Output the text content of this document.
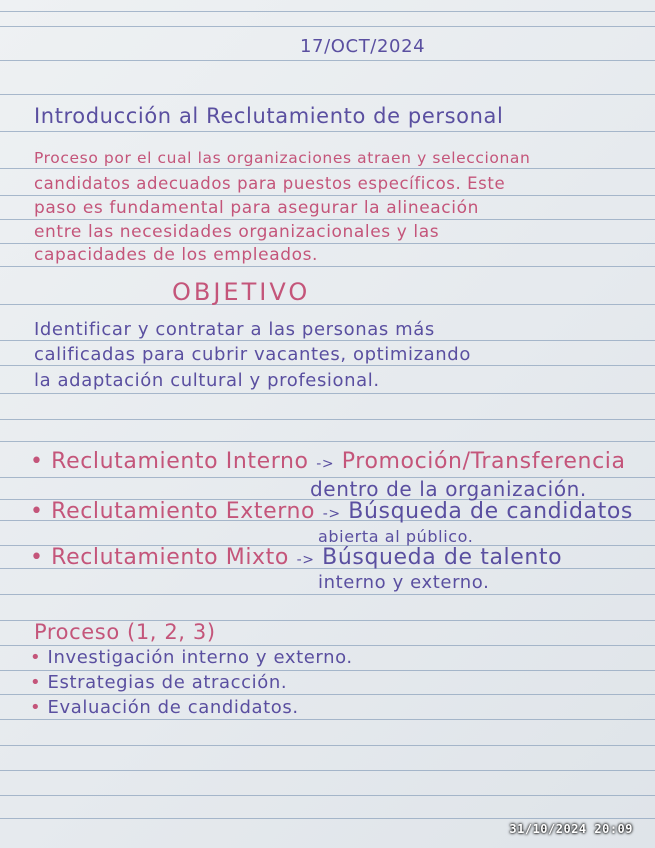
17/OCT/2024
Introducción al Reclutamiento de personal
Proceso por el cual las organizaciones atraen y seleccionan
candidatos adecuados para puestos específicos. Este
paso es fundamental para asegurar la alineación
entre las necesidades organizacionales y las
capacidades de los empleados.
OBJETIVO
Identificar y contratar a las personas más
calificadas para cubrir vacantes, optimizando
la adaptación cultural y profesional.
• Reclutamiento Interno -> Promoción/Transferencia
dentro de la organización.
• Reclutamiento Externo -> Búsqueda de candidatos
abierta al público.
• Reclutamiento Mixto -> Búsqueda de talento
interno y externo.
Proceso (1, 2, 3)
• Investigación interno y externo.
• Estrategias de atracción.
• Evaluación de candidatos.
31/10/2024 20:09
